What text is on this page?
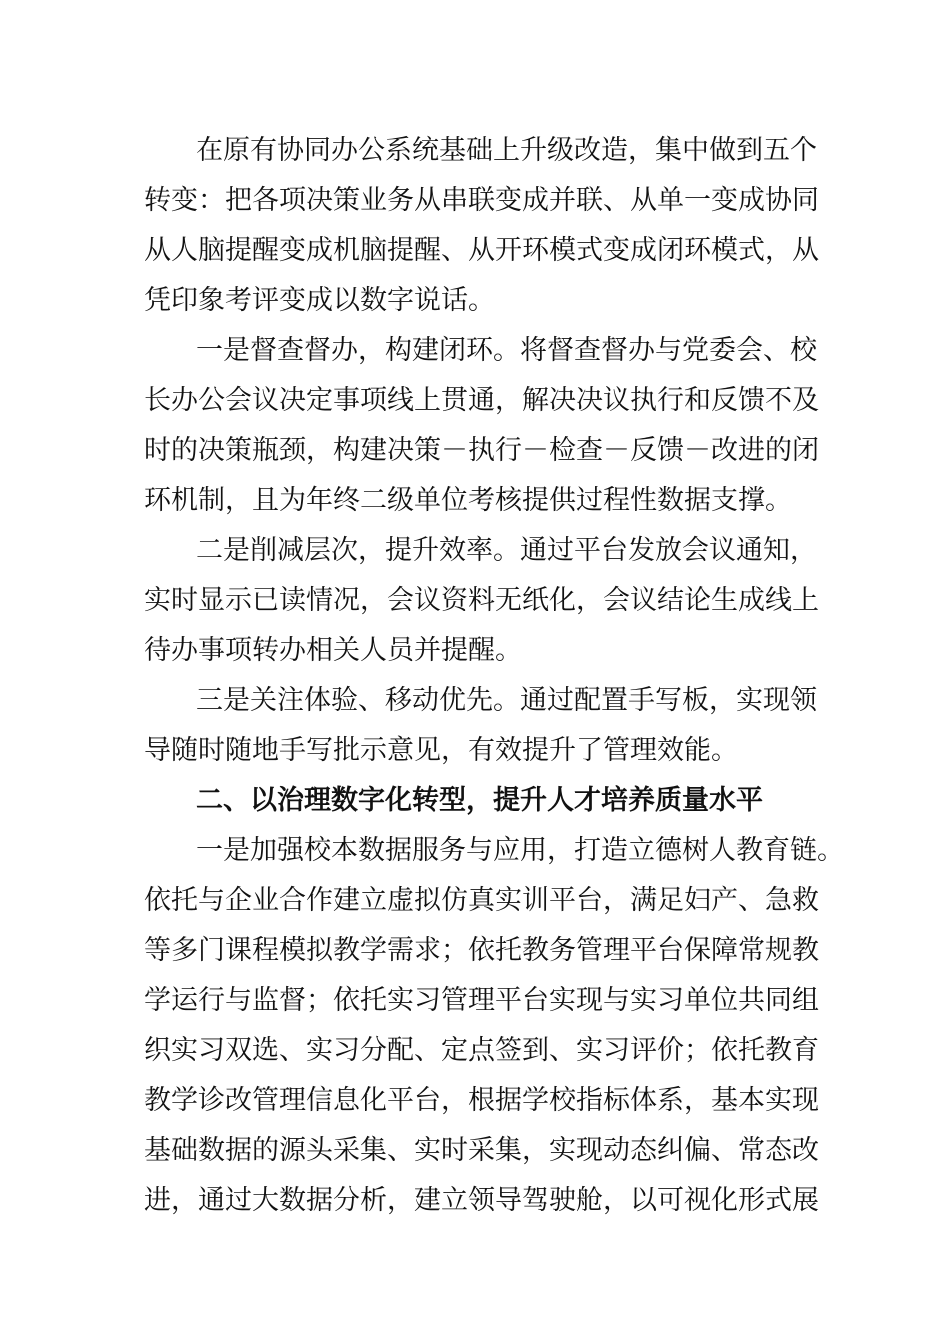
在原有协同办公系统基础上升级改造，集中做到五个
转变：把各项决策业务从串联变成并联、从单一变成协同
从人脑提醒变成机脑提醒、从开环模式变成闭环模式，从
凭印象考评变成以数字说话。
一是督查督办，构建闭环。将督查督办与党委会、校
长办公会议决定事项线上贯通，解决决议执行和反馈不及
时的决策瓶颈，构建决策－执行－检查－反馈－改进的闭
环机制，且为年终二级单位考核提供过程性数据支撑。
二是削减层次，提升效率。通过平台发放会议通知，
实时显示已读情况，会议资料无纸化，会议结论生成线上
待办事项转办相关人员并提醒。
三是关注体验、移动优先。通过配置手写板，实现领
导随时随地手写批示意见，有效提升了管理效能。
二、以治理数字化转型，提升人才培养质量水平
一是加强校本数据服务与应用，打造立德树人教育链。
依托与企业合作建立虚拟仿真实训平台，满足妇产、急救
等多门课程模拟教学需求；依托教务管理平台保障常规教
学运行与监督；依托实习管理平台实现与实习单位共同组
织实习双选、实习分配、定点签到、实习评价；依托教育
教学诊改管理信息化平台，根据学校指标体系，基本实现
基础数据的源头采集、实时采集，实现动态纠偏、常态改
进，通过大数据分析，建立领导驾驶舱，以可视化形式展
